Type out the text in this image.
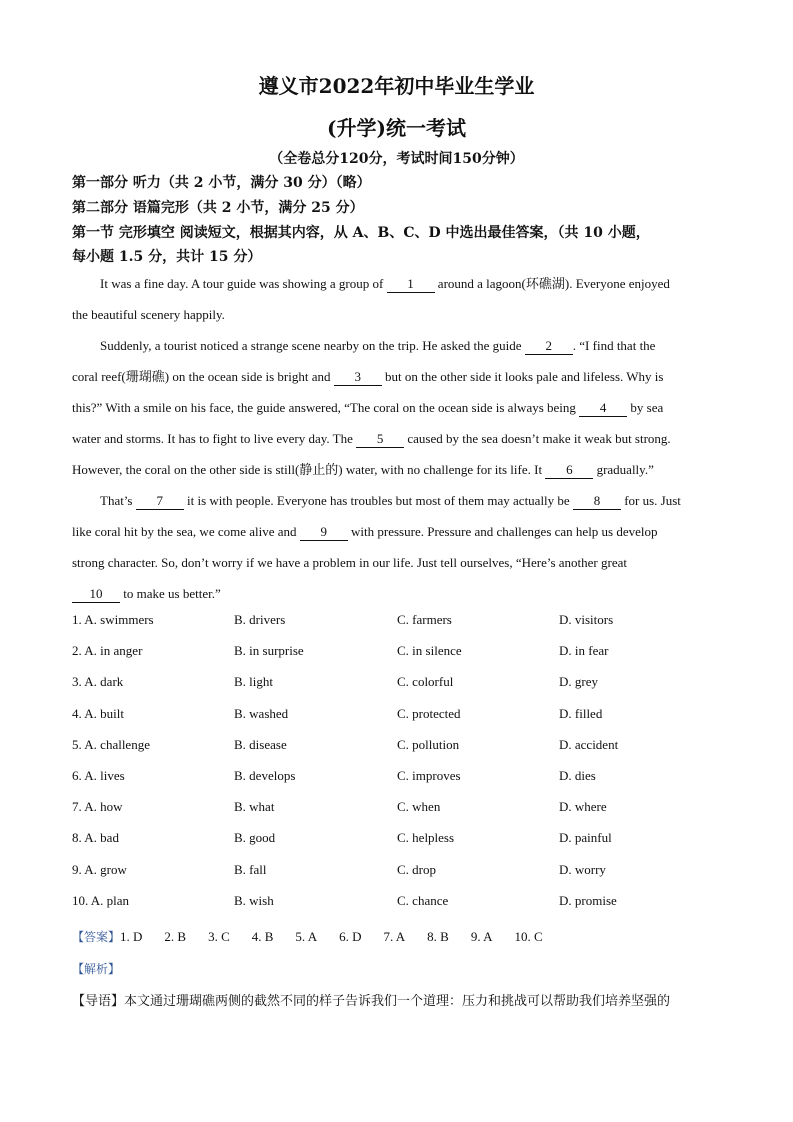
遵义市2022年初中毕业生学业
(升学)统一考试
（全卷总分120分，考试时间150分钟）
第一部分 听力（共 2 小节，满分 30 分）（略）
第二部分 语篇完形（共 2 小节，满分 25 分）
第一节 完形填空 阅读短文，根据其内容，从 A、B、C、D 中选出最佳答案，（共 10 小题，
每小题 1.5 分，共计 15 分）
It was a fine day. A tour guide was showing a group of 1 around a lagoon(环礁湖). Everyone enjoyed
the beautiful scenery happily.
Suddenly, a tourist noticed a strange scene nearby on the trip. He asked the guide 2 . “I find that the
coral reef(珊瑚礁) on the ocean side is bright and 3 but on the other side it looks pale and lifeless. Why is
this?” With a smile on his face, the guide answered, “The coral on the ocean side is always being 4 by sea
water and storms. It has to fight to live every day. The 5 caused by the sea doesn’t make it weak but strong.
However, the coral on the other side is still(静止的) water, with no challenge for its life. It 6 gradually.”
That’s 7 it is with people. Everyone has troubles but most of them may actually be 8 for us. Just
like coral hit by the sea, we come alive and 9 with pressure. Pressure and challenges can help us develop
strong character. So, don’t worry if we have a problem in our life. Just tell ourselves, “Here’s another great
10 to make us better.”
1. A. swimmers	B. drivers	C. farmers	D. visitors
2. A. in anger	B. in surprise	C. in silence	D. in fear
3. A. dark	B. light	C. colorful	D. grey
4. A. built	B. washed	C. protected	D. filled
5. A. challenge	B. disease	C. pollution	D. accident
6. A. lives	B. develops	C. improves	D. dies
7. A. how	B. what	C. when	D. where
8. A. bad	B. good	C. helpless	D. painful
9. A. grow	B. fall	C. drop	D. worry
10. A. plan	B. wish	C. chance	D. promise
【答案】1. D 2. B 3. C 4. B 5. A 6. D 7. A 8. B 9. A 10. C
【解析】
【导语】本文通过珊瑚礁两侧的截然不同的样子告诉我们一个道理：压力和挑战可以帮助我们培养坚强的
